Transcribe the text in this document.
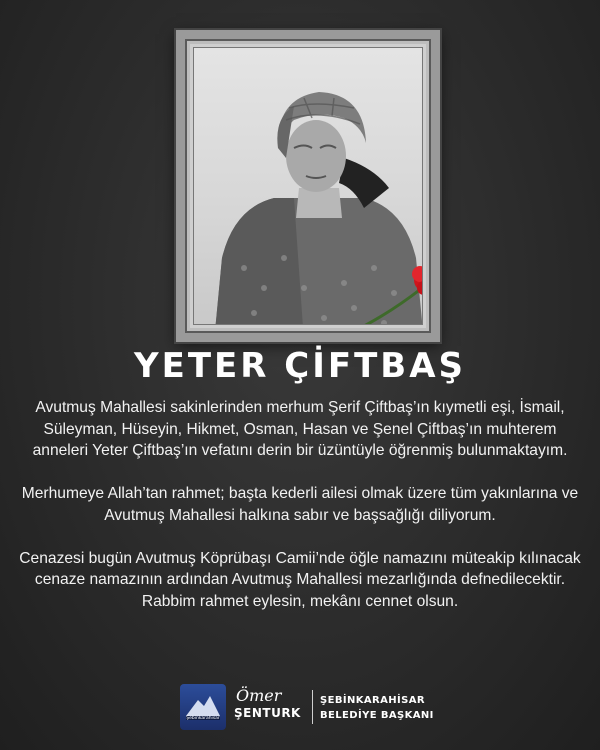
YETER ÇİFTBAŞ

Avutmuş Mahallesi sakinlerinden merhum Şerif Çiftbaş’ın kıymetli eşi, İsmail, Süleyman, Hüseyin, Hikmet, Osman, Hasan ve Şenel Çiftbaş’ın muhterem anneleri Yeter Çiftbaş’ın vefatını derin bir üzüntüyle öğrenmiş bulunmaktayım.

Merhumeye Allah’tan rahmet; başta kederli ailesi olmak üzere tüm yakınlarına ve Avutmuş Mahallesi halkına sabır ve başsağlığı diliyorum.

Cenazesi bugün Avutmuş Köprübaşı Camii’nde öğle namazını müteakip kılınacak cenaze namazının ardından Avutmuş Mahallesi mezarlığında defnedilecektir.

Rabbim rahmet eylesin, mekânı cennet olsun.

Şebinkarahisar
Ömer
ŞENTURK
ŞEBİNKARAHİSAR
BELEDİYE BAŞKANI
